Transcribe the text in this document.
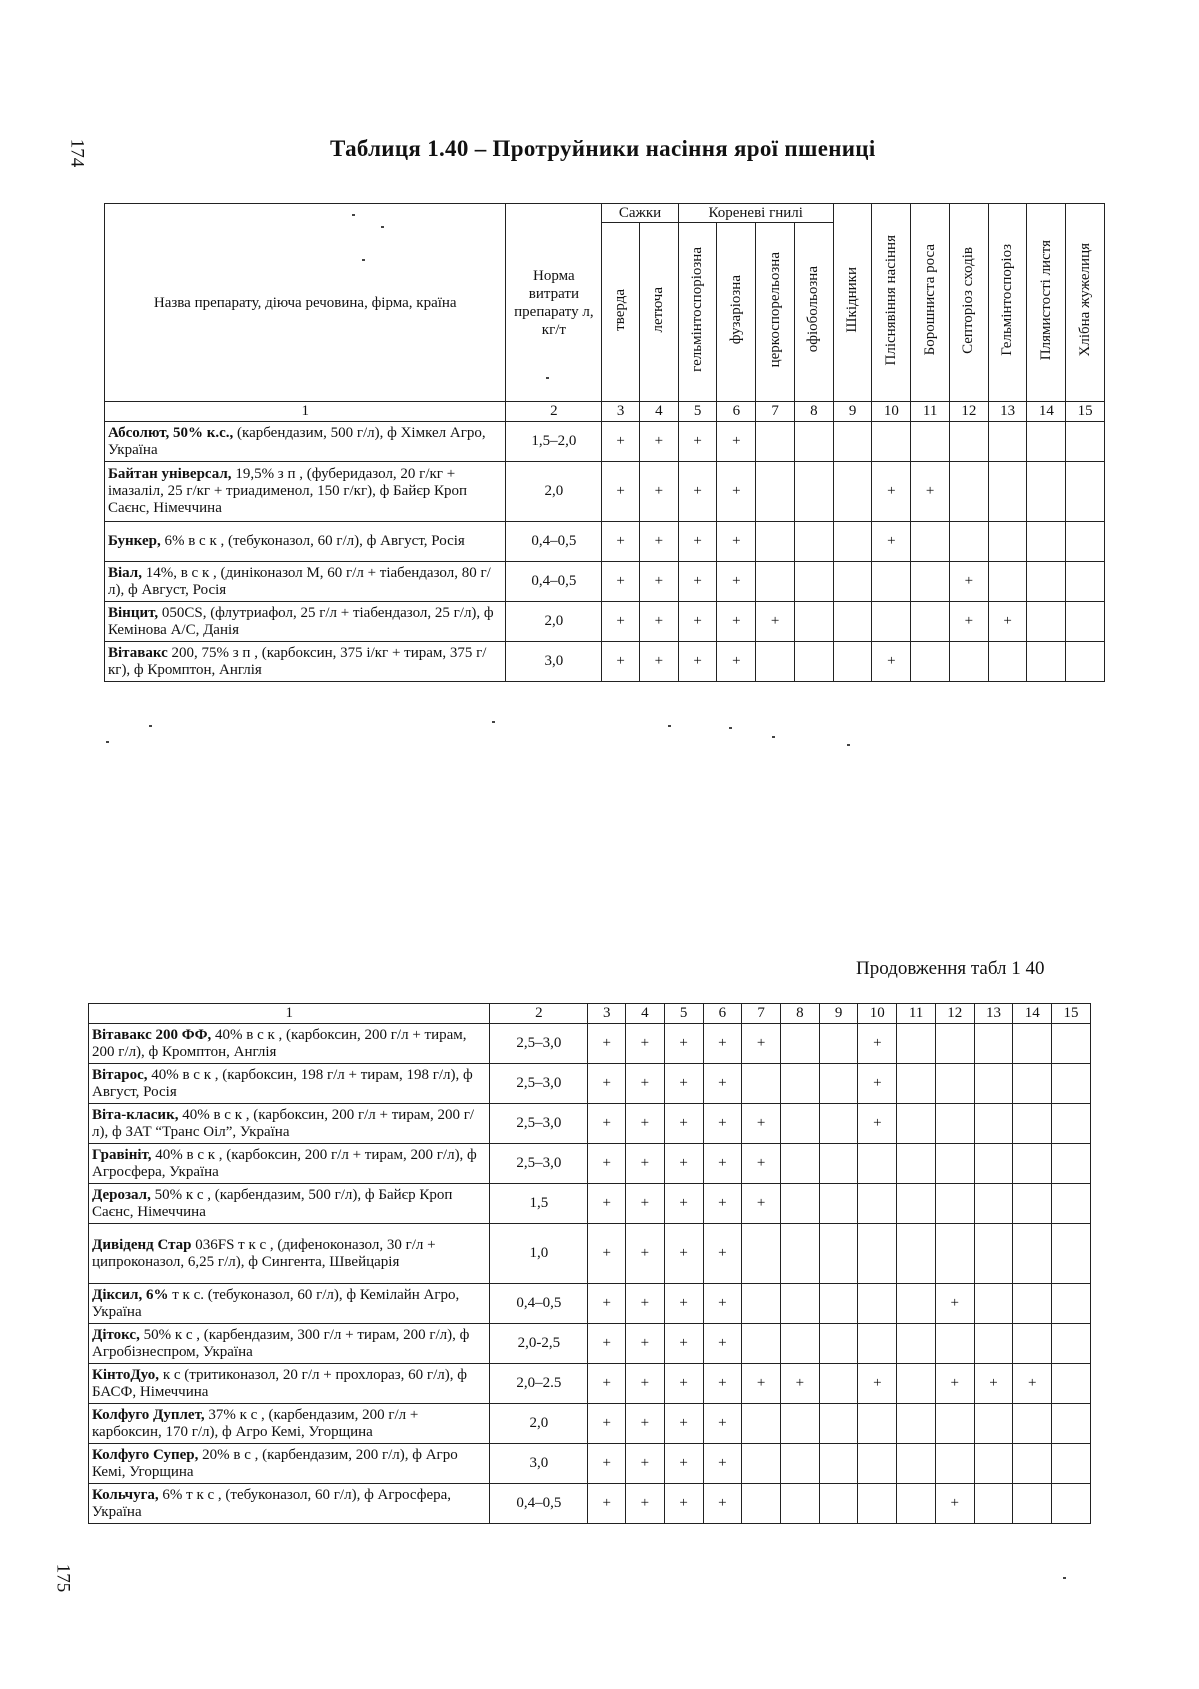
174
175
Таблиця 1.40 – Протруйники насіння ярої пшениці
Назва препарату, діюча речовина, фірма, країна	Норма витрати препарату л, кг/т	Сажки		Кореневі гнилі				Шкідники	Пліснявіння насіння	Борошниста роса	Септоріоз сходів	Гельмінтоспоріоз	Плямистості листя	Хлібна жужелиця
		тверда	летюча	гельмінтоспоріозна	фузаріозна	церкоспорельозна	офіобольозна							
1	2	3	4	5	6	7	8	9	10	11	12	13	14	15
Абсолют, 50% к.с., (карбендазим, 500 г/л), ф Хімкел Агро, Україна	1,5–2,0	+	+	+	+									
Байтан універсал, 19,5% з п , (фуберидазол, 20 г/кг + імазаліл, 25 г/кг + триадименол, 150 г/кг), ф Байєр Кроп Саєнс, Німеччина	2,0	+	+	+	+				+	+				
Бункер, 6% в с к , (тебуконазол, 60 г/л), ф Август, Росія	0,4–0,5	+	+	+	+				+					
Віал, 14%, в с к , (диніконазол М, 60 г/л + тіабендазол, 80 г/л), ф Август, Росія	0,4–0,5	+	+	+	+						+			
Вінцит, 050CS, (флутриафол, 25 г/л + тіабендазол, 25 г/л), ф Кемінова А/С, Данія	2,0	+	+	+	+	+					+	+		
Вітавакс 200, 75% з п , (карбоксин, 375 і/кг + тирам, 375 г/кг), ф Кромптон, Англія	3,0	+	+	+	+				+					
Продовження табл 1 40
1	2	3	4	5	6	7	8	9	10	11	12	13	14	15
Вітавакс 200 ФФ, 40% в с к , (карбоксин, 200 г/л + тирам, 200 г/л), ф Кромптон, Англія	2,5–3,0	+	+	+	+	+			+					
Вітарос, 40% в с к , (карбоксин, 198 г/л + тирам, 198 г/л), ф Август, Росія	2,5–3,0	+	+	+	+				+					
Віта-класик, 40% в с к , (карбоксин, 200 г/л + тирам, 200 г/л), ф ЗАТ “Транс Оіл”, Україна	2,5–3,0	+	+	+	+	+			+					
Гравініт, 40% в с к , (карбоксин, 200 г/л + тирам, 200 г/л), ф Агросфера, Україна	2,5–3,0	+	+	+	+	+								
Дерозал, 50% к с , (карбендазим, 500 г/л), ф Байєр Кроп Саєнс, Німеччина	1,5	+	+	+	+	+								
Дивіденд Стар 036FS т к с , (дифеноконазол, 30 г/л + ципроконазол, 6,25 г/л), ф Сингента, Швейцарія	1,0	+	+	+	+									
Діксил, 6% т к с. (тебуконазол, 60 г/л), ф Кемілайн Агро, Україна	0,4–0,5	+	+	+	+						+			
Дітокс, 50% к с , (карбендазим, 300 г/л + тирам, 200 г/л), ф Агробізнеспром, Україна	2,0-2,5	+	+	+	+									
КінтоДуо, к с (тритиконазол, 20 г/л + прохлораз, 60 г/л), ф БАСФ, Німеччина	2,0–2.5	+	+	+	+	+	+		+		+	+	+	
Колфуго Дуплет, 37% к с , (карбендазим, 200 г/л + карбоксин, 170 г/л), ф Агро Кемі, Угорщина	2,0	+	+	+	+									
Колфуго Супер, 20% в с , (карбендазим, 200 г/л), ф Агро Кемі, Угорщина	3,0	+	+	+	+									
Кольчуга, 6% т к с , (тебуконазол, 60 г/л), ф Агросфера, Україна	0,4–0,5	+	+	+	+						+			
